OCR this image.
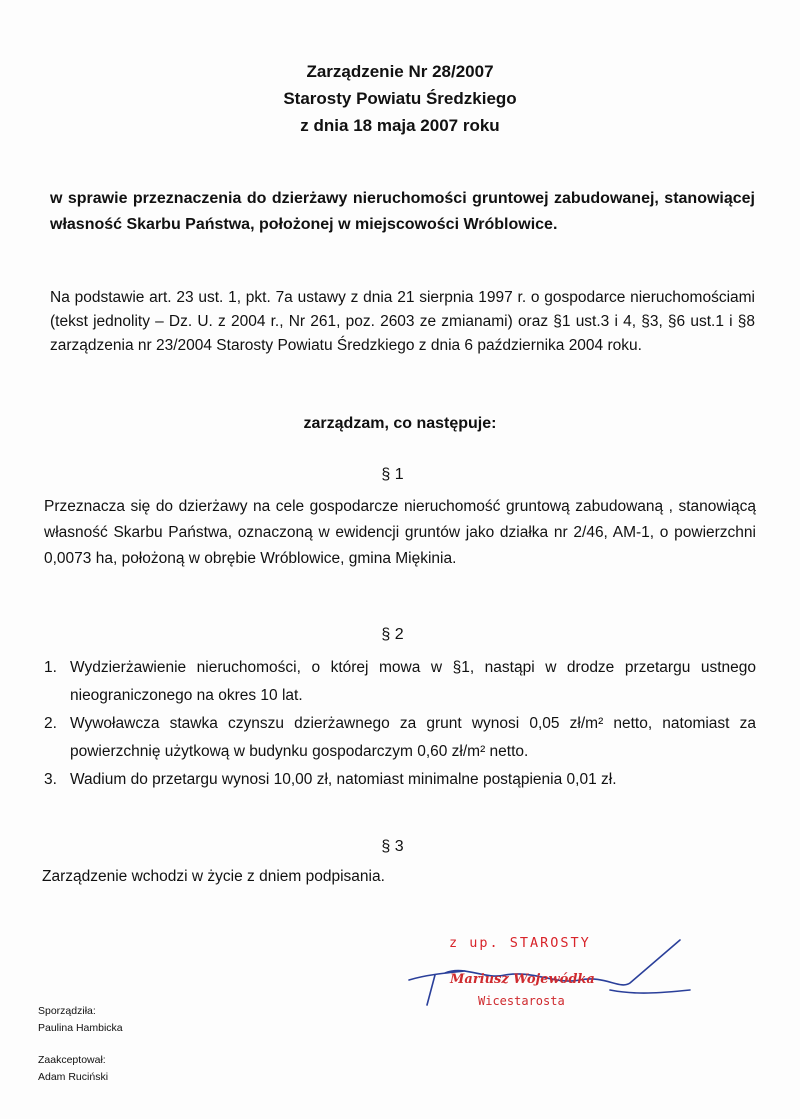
Zarządzenie Nr 28/2007
Starosty Powiatu Średzkiego
z dnia 18 maja 2007 roku
w sprawie przeznaczenia do dzierżawy nieruchomości gruntowej zabudowanej, stanowiącej własność Skarbu Państwa, położonej w miejscowości Wróblowice.
Na podstawie art. 23 ust. 1, pkt. 7a ustawy z dnia 21 sierpnia 1997 r. o gospodarce nieruchomościami (tekst jednolity – Dz. U. z 2004 r., Nr 261, poz. 2603 ze zmianami) oraz §1 ust.3 i 4, §3, §6 ust.1 i §8 zarządzenia nr 23/2004 Starosty Powiatu Średzkiego z dnia 6 października 2004 roku.
zarządzam, co następuje:
§ 1
Przeznacza się do dzierżawy na cele gospodarcze nieruchomość gruntową zabudowaną , stanowiącą własność Skarbu Państwa, oznaczoną w ewidencji gruntów jako działka nr 2/46, AM-1, o powierzchni 0,0073 ha, położoną w obrębie Wróblowice, gmina Miękinia.
§ 2
1. Wydzierżawienie nieruchomości, o której mowa w §1, nastąpi w drodze przetargu ustnego nieograniczonego na okres 10 lat.
2. Wywoławcza stawka czynszu dzierżawnego za grunt wynosi 0,05 zł/m² netto, natomiast za powierzchnię użytkową w budynku gospodarczym 0,60 zł/m² netto.
3. Wadium do przetargu wynosi 10,00 zł, natomiast minimalne postąpienia 0,01 zł.
§ 3
Zarządzenie wchodzi w życie z dniem podpisania.
z up. STAROSTY
Mariusz Wojewódka
Wicestarosta
Sporządziła:
Paulina Hambicka
Zaakceptował:
Adam Ruciński
